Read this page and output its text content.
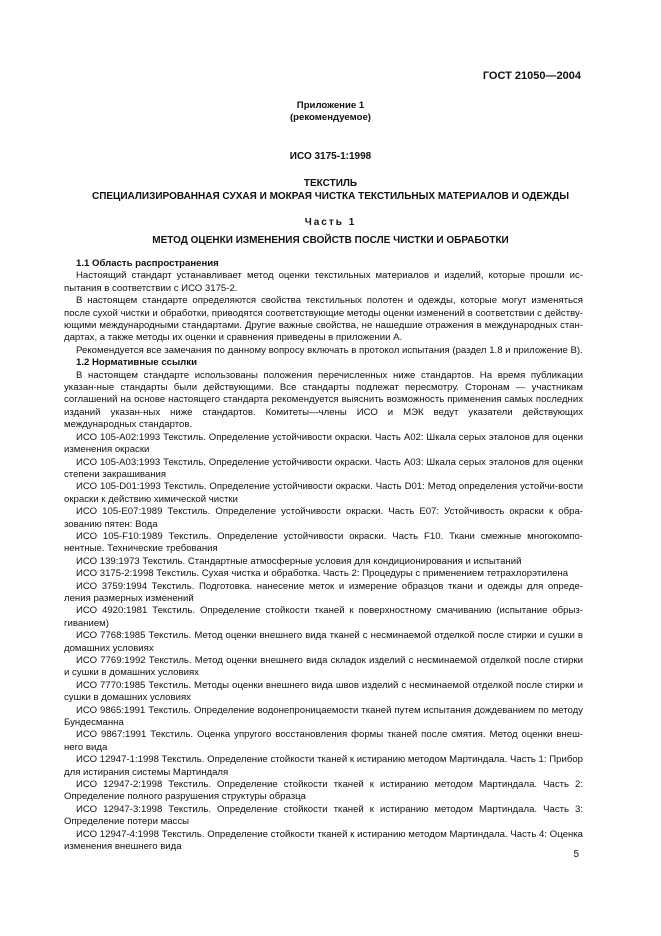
ГОСТ 21050—2004
Приложение 1
(рекомендуемое)
ИСО 3175-1:1998
ТЕКСТИЛЬ
СПЕЦИАЛИЗИРОВАННАЯ СУХАЯ И МОКРАЯ ЧИСТКА ТЕКСТИЛЬНЫХ МАТЕРИАЛОВ И ОДЕЖДЫ
Часть 1
МЕТОД ОЦЕНКИ ИЗМЕНЕНИЯ СВОЙСТВ ПОСЛЕ ЧИСТКИ И ОБРАБОТКИ

1.1 Область распространения

Настоящий стандарт устанавливает метод оценки текстильных материалов и изделий, которые прошли ис-пытания в соответствии с ИСО 3175-2.

В настоящем стандарте определяются свойства текстильных полотен и одежды, которые могут изменяться после сухой чистки и обработки, приводятся соответствующие методы оценки изменений в соответствии с действу-ющими международными стандартами. Другие важные свойства, не нашедшие отражения в международных стан-дартах, а также методы их оценки и сравнения приведены в приложении А.

Рекомендуется все замечания по данному вопросу включать в протокол испытания (раздел 1.8 и приложение В).

1.2 Нормативные ссылки

В настоящем стандарте использованы положения перечисленных ниже стандартов. На время публикации указан-ные стандарты были действующими. Все стандарты подлежат пересмотру. Сторонам — участникам соглашений на основе настоящего стандарта рекомендуется выяснить возможность применения самых последних изданий указан-ных ниже стандартов. Комитеты—члены ИСО и МЭК ведут указатели действующих международных стандартов.

ИСО 105-А02:1993 Текстиль. Определение устойчивости окраски. Часть А02: Шкала серых эталонов для оценки изменения окраски

ИСО 105-А03:1993 Текстиль. Определение устойчивости окраски. Часть А03: Шкала серых эталонов для оценки степени закрашивания

ИСО 105-D01:1993 Текстиль. Определение устойчивости окраски. Часть D01: Метод определения устойчи-вости окраски к действию химической чистки

ИСО 105-Е07:1989 Текстиль. Определение устойчивости окраски. Часть Е07: Устойчивость окраски к обра-зованию пятен: Вода

ИСО 105-F10:1989 Текстиль. Определение устойчивости окраски. Часть F10. Ткани смежные многокомпо-нентные. Технические требования

ИСО 139:1973 Текстиль. Стандартные атмосферные условия для кондиционирования и испытаний

ИСО 3175-2:1998 Текстиль. Сухая чистка и обработка. Часть 2: Процедуры с применением тетрахлорэтилена

ИСО 3759:1994 Текстиль. Подготовка. нанесение меток и измерение образцов ткани и одежды для опреде-ления размерных изменений

ИСО 4920:1981 Текстиль. Определение стойкости тканей к поверхностному смачиванию (испытание обрыз-гиванием)

ИСО 7768:1985 Текстиль. Метод оценки внешнего вида тканей с несминаемой отделкой после стирки и сушки в домашних условиях

ИСО 7769:1992 Текстиль. Метод оценки внешнего вида складок изделий с несминаемой отделкой после стирки и сушки в домашних условиях

ИСО 7770:1985 Текстиль. Методы оценки внешнего вида швов изделий с несминаемой отделкой после стирки и сушки в домашних условиях

ИСО 9865:1991 Текстиль. Определение водонепроницаемости тканей путем испытания дождеванием по методу Бундесманна

ИСО 9867:1991 Текстиль. Оценка упругого восстановления формы тканей после смятия. Метод оценки внеш-него вида

ИСО 12947-1:1998 Текстиль. Определение стойкости тканей к истиранию методом Мартиндала. Часть 1: Прибор для истирания системы Мартиндаля

ИСО 12947-2:1998 Текстиль. Определение стойкости тканей к истиранию методом Мартиндала. Часть 2: Определение полного разрушения структуры образца

ИСО 12947-3:1998 Текстиль. Определение стойкости тканей к истиранию методом Мартиндала. Часть 3: Определение потери массы

ИСО 12947-4:1998 Текстиль. Определение стойкости тканей к истиранию методом Мартиндала. Часть 4: Оценка изменения внешнего вида

5
